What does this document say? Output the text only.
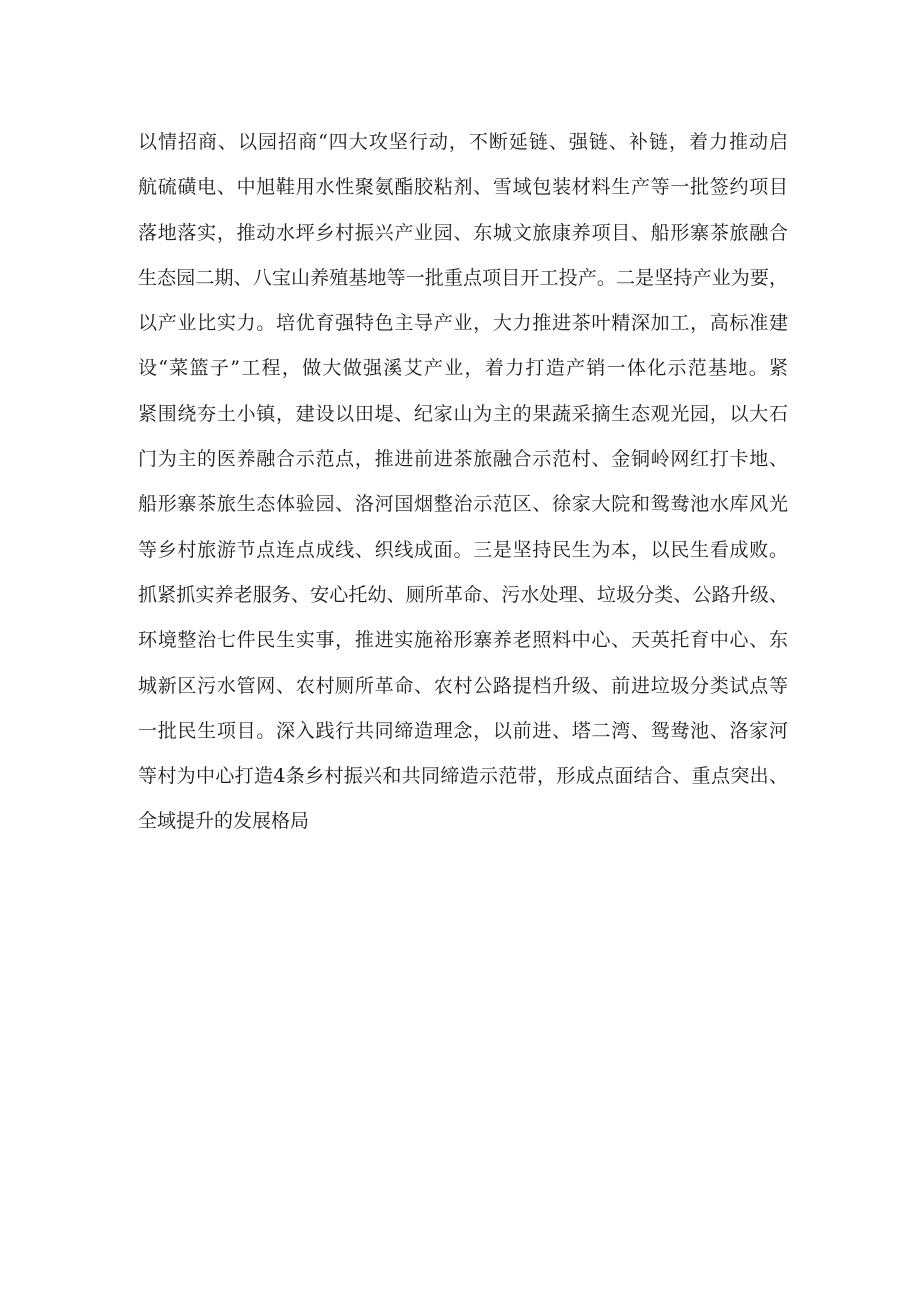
以情招商、以园招商“四大攻坚行动，不断延链、强链、补链，着力推动启
航硫磺电、中旭鞋用水性聚氨酯胶粘剂、雪域包装材料生产等一批签约项目
落地落实，推动水坪乡村振兴产业园、东城文旅康养项目、船形寨茶旅融合
生态园二期、八宝山养殖基地等一批重点项目开工投产。二是坚持产业为要，
以产业比实力。培优育强特色主导产业，大力推进茶叶精深加工，高标准建
设“菜篮子”工程，做大做强溪艾产业，着力打造产销一体化示范基地。紧
紧围绕夯土小镇，建设以田堤、纪家山为主的果蔬采摘生态观光园，以大石
门为主的医养融合示范点，推进前进茶旅融合示范村、金铜岭网红打卡地、
船形寨茶旅生态体验园、洛河国烟整治示范区、徐家大院和鸳鸯池水库风光
等乡村旅游节点连点成线、织线成面。三是坚持民生为本，以民生看成败。
抓紧抓实养老服务、安心托幼、厕所革命、污水处理、垃圾分类、公路升级、
环境整治七件民生实事，推进实施裕形寨养老照料中心、天英托育中心、东
城新区污水管网、农村厕所革命、农村公路提档升级、前进垃圾分类试点等
一批民生项目。深入践行共同缔造理念，以前进、塔二湾、鸳鸯池、洛家河
等村为中心打造4条乡村振兴和共同缔造示范带，形成点面结合、重点突出、
全域提升的发展格局
